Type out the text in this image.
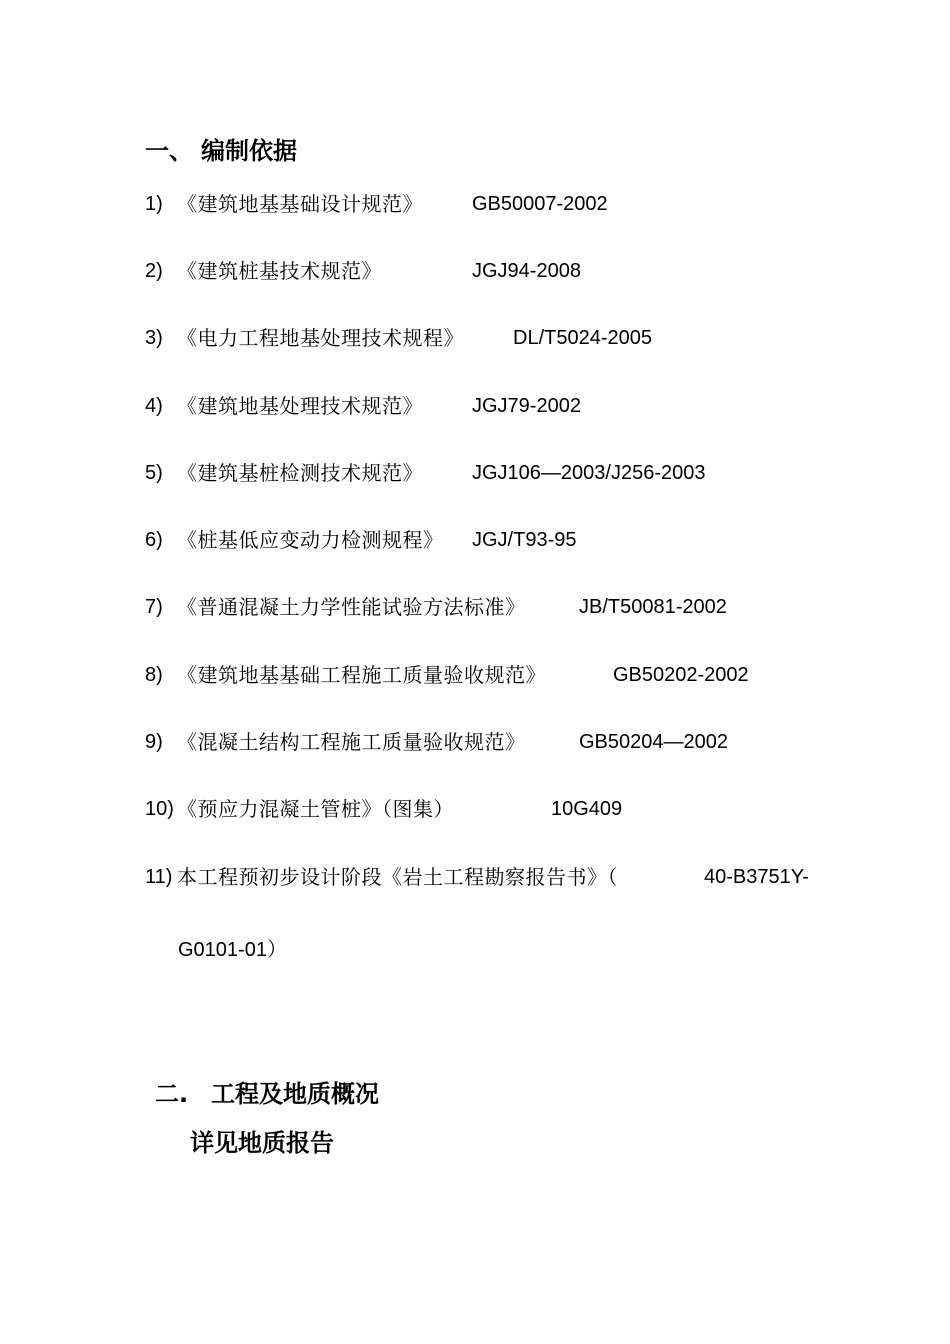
一、 编制依据
1) 《建筑地基基础设计规范》 GB50007-2002
2) 《建筑桩基技术规范》	JGJ94-2008
3) 《电力工程地基处理技术规程》 DL/T5024-2005
4) 《建筑地基处理技术规范》 JGJ79-2002
5) 《建筑基桩检测技术规范》 JGJ106—2003/J256-2003
6) 《桩基低应变动力检测规程》 JGJ/T93-95
7) 《普通混凝土力学性能试验方法标准》	JB/T50081-2002
8) 《建筑地基基础工程施工质量验收规范》	GB50202-2002
9) 《混凝土结构工程施工质量验收规范》	GB50204—2002
10) 《预应力混凝土管桩》（图集）	10G409
11) 本工程预初步设计阶段《岩土工程勘察报告书》（	40-B3751Y-
G0101-01）
二. 工程及地质概况
详见地质报告
